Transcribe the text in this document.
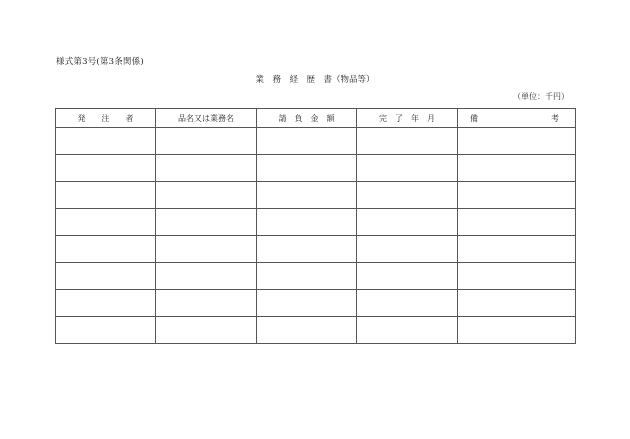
様式第3号(第3条関係)
業　務　経　歴　書（物品等）
（単位：千円）
発　　注　　者	品名又は業務名	請　負　金　額	完　了　年　月	備　　　　考
